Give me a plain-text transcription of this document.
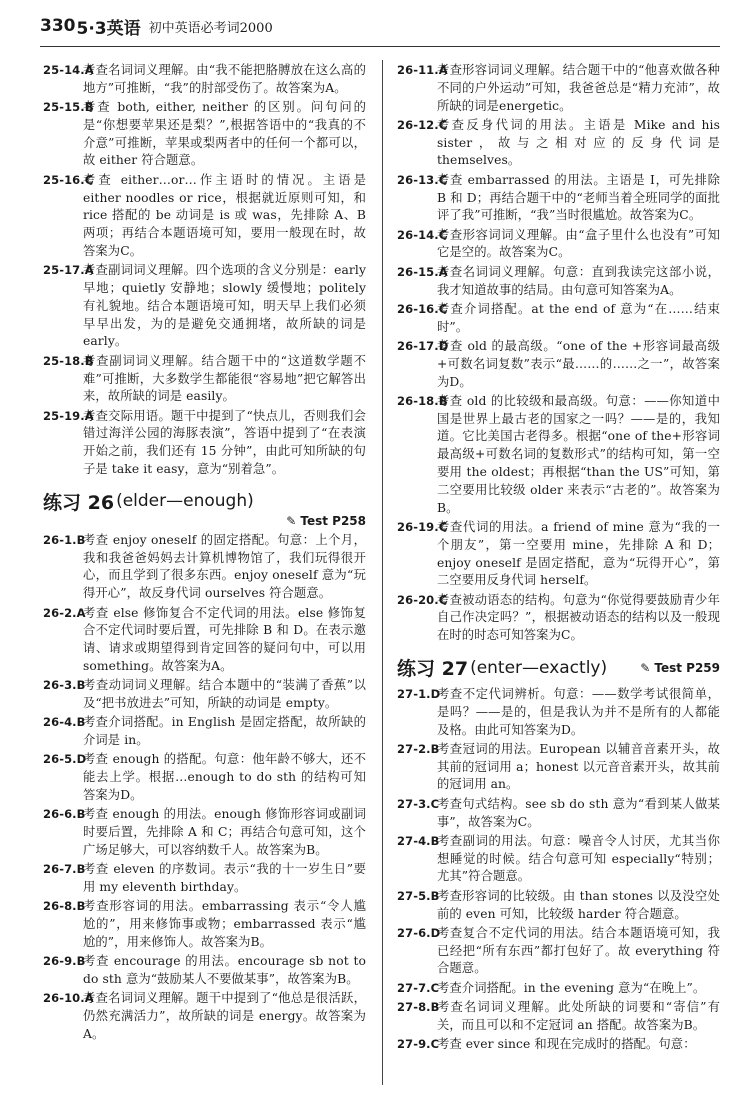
330 5·3英语 初中英语必考词2000
25-14.A
考查名词词义理解。由“我不能把胳膊放在这么高的地方”可推断，“我”的肘部受伤了。故答案为A。
25-15.B
考查 both, either, neither 的区别。问句问的是“你想要苹果还是梨？”,根据答语中的“我真的不介意”可推断，苹果或梨两者中的任何一个都可以，故 either 符合题意。
25-16.C
考查 either…or…作主语时的情况。主语是 either noodles or rice，根据就近原则可知，和 rice 搭配的 be 动词是 is 或 was，先排除 A、B 两项；再结合本题语境可知，要用一般现在时，故答案为C。
25-17.A
考查副词词义理解。四个选项的含义分别是：early 早地；quietly 安静地；slowly 缓慢地；politely 有礼貌地。结合本题语境可知，明天早上我们必须早早出发，为的是避免交通拥堵，故所缺的词是 early。
25-18.B
考查副词词义理解。结合题干中的“这道数学题不难”可推断，大多数学生都能很“容易地”把它解答出来，故所缺的词是 easily。
25-19.A
考查交际用语。题干中提到了“快点儿，否则我们会错过海洋公园的海豚表演”，答语中提到了“在表演开始之前，我们还有 15 分钟”，由此可知所缺的句子是 take it easy，意为“别着急”。
练习 26 (elder—enough)
✎ Test P258
26-1.B
考查 enjoy oneself 的固定搭配。句意：上个月，我和我爸爸妈妈去计算机博物馆了，我们玩得很开心，而且学到了很多东西。enjoy oneself 意为“玩得开心”，故反身代词 ourselves 符合题意。
26-2.A
考查 else 修饰复合不定代词的用法。else 修饰复合不定代词时要后置，可先排除 B 和 D。在表示邀请、请求或期望得到肯定回答的疑问句中，可以用 something。故答案为A。
26-3.B
考查动词词义理解。结合本题中的“装满了香蕉”以及“把书放进去”可知，所缺的动词是 empty。
26-4.B
考查介词搭配。in English 是固定搭配，故所缺的介词是 in。
26-5.D
考查 enough 的搭配。句意：他年龄不够大，还不能去上学。根据…enough to do sth 的结构可知答案为D。
26-6.B
考查 enough 的用法。enough 修饰形容词或副词时要后置，先排除 A 和 C；再结合句意可知，这个广场足够大，可以容纳数千人。故答案为B。
26-7.B
考查 eleven 的序数词。表示“我的十一岁生日”要用 my eleventh birthday。
26-8.B
考查形容词的用法。embarrassing 表示“令人尴尬的”，用来修饰事或物；embarrassed 表示“尴尬的”，用来修饰人。故答案为B。
26-9.B
考查 encourage 的用法。encourage sb not to do sth 意为“鼓励某人不要做某事”，故答案为B。
26-10.A
考查名词词义理解。题干中提到了“他总是很活跃，仍然充满活力”，故所缺的词是 energy。故答案为A。
26-11.A
考查形容词词义理解。结合题干中的“他喜欢做各种不同的户外运动”可知，我爸爸总是“精力充沛”，故所缺的词是energetic。
26-12.C
考查反身代词的用法。主语是 Mike and his sister，故与之相对应的反身代词是 themselves。
26-13.C
考查 embarrassed 的用法。主语是 I，可先排除 B 和 D；再结合题干中的“老师当着全班同学的面批评了我”可推断，“我”当时很尴尬。故答案为C。
26-14.C
考查形容词词义理解。由“盒子里什么也没有”可知它是空的。故答案为C。
26-15.A
考查名词词义理解。句意：直到我读完这部小说，我才知道故事的结局。由句意可知答案为A。
26-16.C
考查介词搭配。at the end of 意为“在……结束时”。
26-17.D
考查 old 的最高级。“one of the +形容词最高级+可数名词复数”表示“最……的……之一”，故答案为D。
26-18.B
考查 old 的比较级和最高级。句意：——你知道中国是世界上最古老的国家之一吗？——是的，我知道。它比美国古老得多。根据“one of the+形容词最高级+可数名词的复数形式”的结构可知，第一空要用 the oldest；再根据“than the US”可知，第二空要用比较级 older 来表示“古老的”。故答案为B。
26-19.C
考查代词的用法。a friend of mine 意为“我的一个朋友”，第一空要用 mine，先排除 A 和 D；enjoy oneself 是固定搭配，意为“玩得开心”，第二空要用反身代词 herself。
26-20.C
考查被动语态的结构。句意为“你觉得要鼓励青少年自己作决定吗？”，根据被动语态的结构以及一般现在时的时态可知答案为C。
练习 27 (enter—exactly)	✎ Test P259
27-1.D
考查不定代词辨析。句意：——数学考试很简单，是吗？——是的，但是我认为并不是所有的人都能及格。由此可知答案为D。
27-2.B
考查冠词的用法。European 以辅音音素开头，故其前的冠词用 a；honest 以元音音素开头，故其前的冠词用 an。
27-3.C
考查句式结构。see sb do sth 意为“看到某人做某事”，故答案为C。
27-4.B
考查副词的用法。句意：噪音令人讨厌，尤其当你想睡觉的时候。结合句意可知 especially“特别；尤其”符合题意。
27-5.B
考查形容词的比较级。由 than stones 以及没空处前的 even 可知，比较级 harder 符合题意。
27-6.D
考查复合不定代词的用法。结合本题语境可知，我已经把“所有东西”都打包好了。故 everything 符合题意。
27-7.C
考查介词搭配。in the evening 意为“在晚上”。
27-8.B
考查名词词义理解。此处所缺的词要和“寄信”有关，而且可以和不定冠词 an 搭配。故答案为B。
27-9.C
考查 ever since 和现在完成时的搭配。句意：
